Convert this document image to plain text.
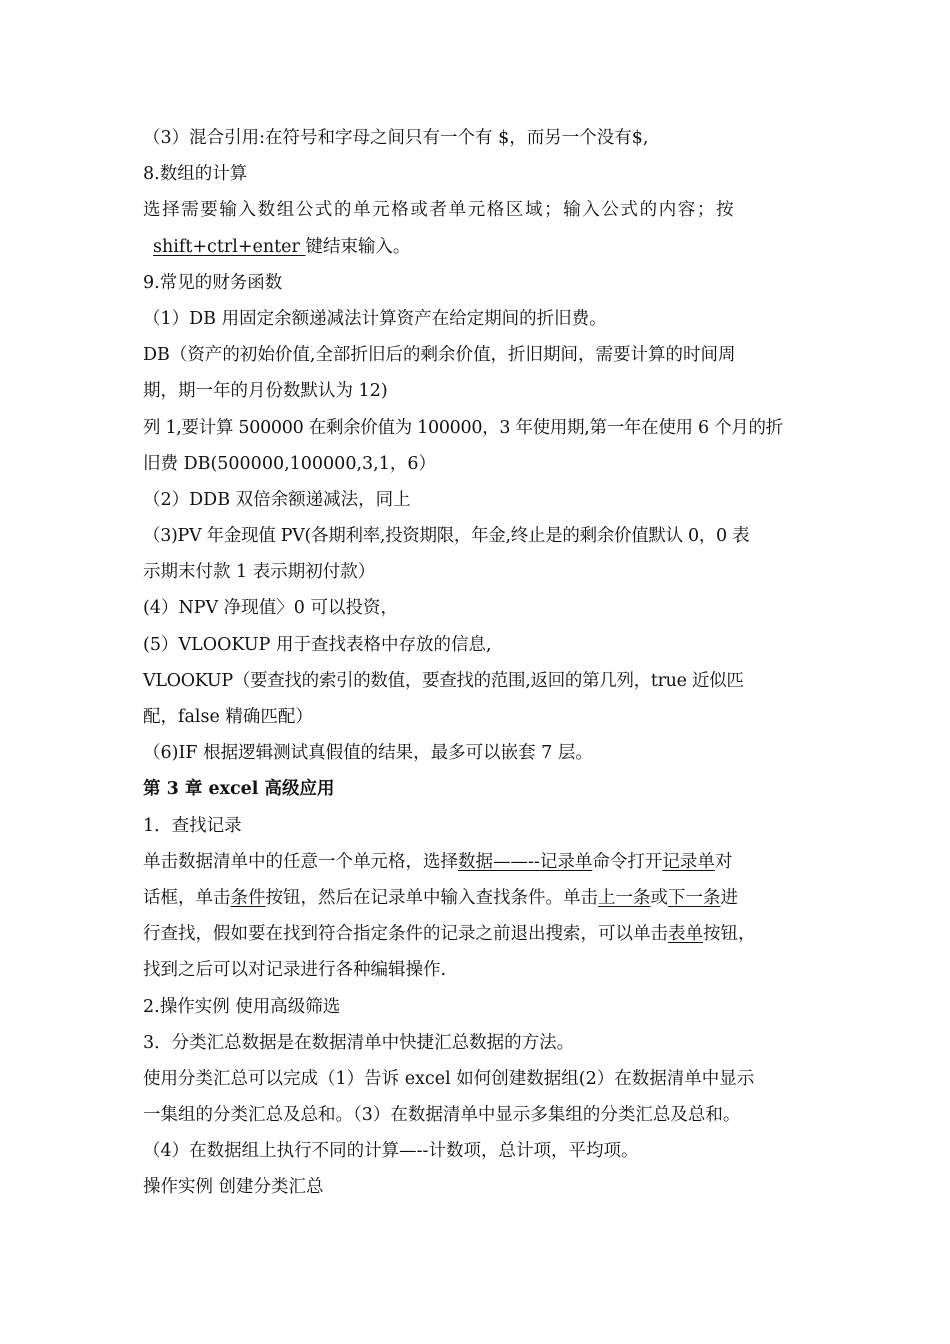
（3）混合引用:在符号和字母之间只有一个有 $，而另一个没有$,
8.数组的计算
选择需要输入数组公式的单元格或者单元格区域；输入公式的内容；按
shift+ctrl+enter 键结束输入。
9.常见的财务函数
（1）DB 用固定余额递减法计算资产在给定期间的折旧费。
DB（资产的初始价值,全部折旧后的剩余价值，折旧期间，需要计算的时间周
期，期一年的月份数默认为 12)
列 1,要计算 500000 在剩余价值为 100000，3 年使用期,第一年在使用 6 个月的折
旧费 DB(500000,100000,3,1，6）
（2）DDB 双倍余额递减法，同上
（3)PV 年金现值 PV(各期利率,投资期限，年金,终止是的剩余价值默认 0，0 表
示期末付款 1 表示期初付款）
(4）NPV 净现值〉0 可以投资，
(5）VLOOKUP 用于查找表格中存放的信息,
VLOOKUP（要查找的索引的数值，要查找的范围,返回的第几列，true 近似匹
配，false 精确匹配）
（6)IF 根据逻辑测试真假值的结果，最多可以嵌套 7 层。
第 3 章 excel 高级应用
1．查找记录
单击数据清单中的任意一个单元格，选择数据——--记录单命令打开记录单对
话框，单击条件按钮，然后在记录单中输入查找条件。单击上一条或下一条进
行查找，假如要在找到符合指定条件的记录之前退出搜索，可以单击表单按钮，
找到之后可以对记录进行各种编辑操作.
2.操作实例 使用高级筛选
3．分类汇总数据是在数据清单中快捷汇总数据的方法。
使用分类汇总可以完成（1）告诉 excel 如何创建数据组(2）在数据清单中显示
一集组的分类汇总及总和。（3）在数据清单中显示多集组的分类汇总及总和。
（4）在数据组上执行不同的计算—--计数项，总计项，平均项。
操作实例 创建分类汇总
